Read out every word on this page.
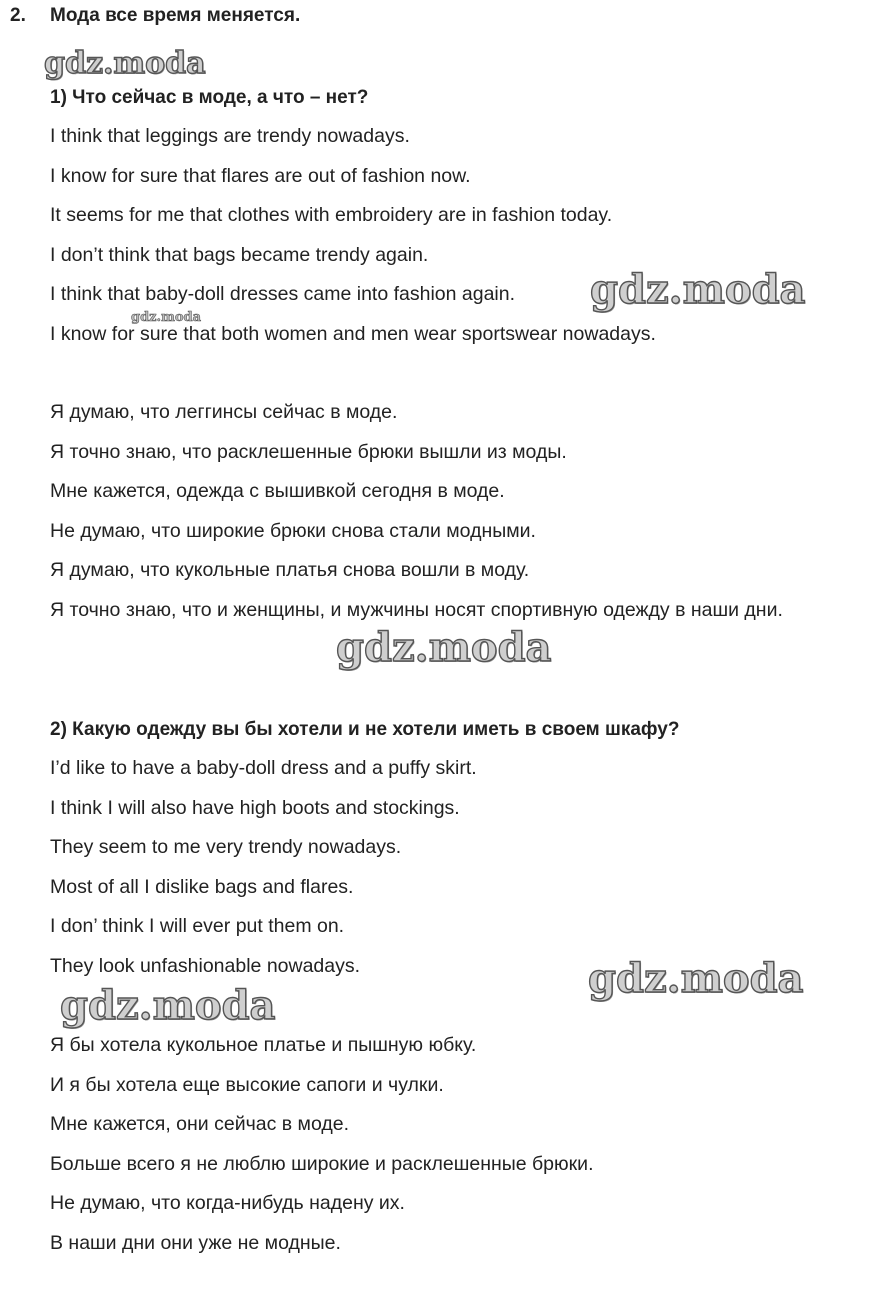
2. Мода все время меняется.
1) Что сейчас в моде, а что – нет?
I think that leggings are trendy nowadays.
I know for sure that flares are out of fashion now.
It seems for me that clothes with embroidery are in fashion today.
I don’t think that bags became trendy again.
I think that baby-doll dresses came into fashion again.
I know for sure that both women and men wear sportswear nowadays.
Я думаю, что леггинсы сейчас в моде.
Я точно знаю, что расклешенные брюки вышли из моды.
Мне кажется, одежда с вышивкой сегодня в моде.
Не думаю, что широкие брюки снова стали модными.
Я думаю, что кукольные платья снова вошли в моду.
Я точно знаю, что и женщины, и мужчины носят спортивную одежду в наши дни.
2) Какую одежду вы бы хотели и не хотели иметь в своем шкафу?
I’d like to have a baby-doll dress and a puffy skirt.
I think I will also have high boots and stockings.
They seem to me very trendy nowadays.
Most of all I dislike bags and flares.
I don’ think I will ever put them on.
They look unfashionable nowadays.
Я бы хотела кукольное платье и пышную юбку.
И я бы хотела еще высокие сапоги и чулки.
Мне кажется, они сейчас в моде.
Больше всего я не люблю широкие и расклешенные брюки.
Не думаю, что когда-нибудь надену их.
В наши дни они уже не модные.
gdz.moda
gdz.moda
gdz.moda
gdz.moda
gdz.moda
gdz.moda
